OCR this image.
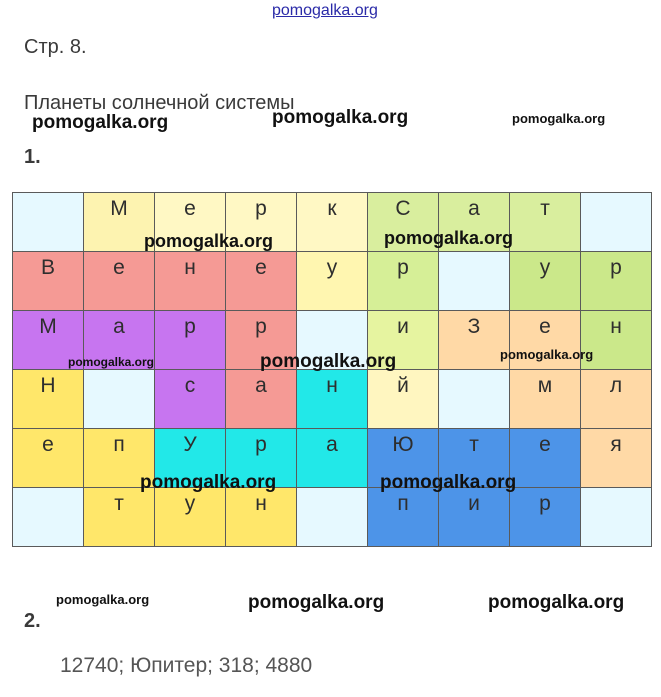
pomogalka.org
Стр. 8.
Планеты солнечной системы
1.

	М	е	р	к	С	а	т	

В	е	н	е	у	р		у	р

М	а	р	р		и	З	е	н

Н		с	а	н	й		м	л

е	п	У	р	а	Ю	т	е	я

	т	у	н		п	и	р	

pomogalka.org	pomogalka.org	pomogalka.org
pomogalka.org	pomogalka.org
pomogalka.org	pomogalka.org	pomogalka.org
pomogalka.org	pomogalka.org
pomogalka.org	pomogalka.org	pomogalka.org
2.
12740; Юпитер; 318; 4880
